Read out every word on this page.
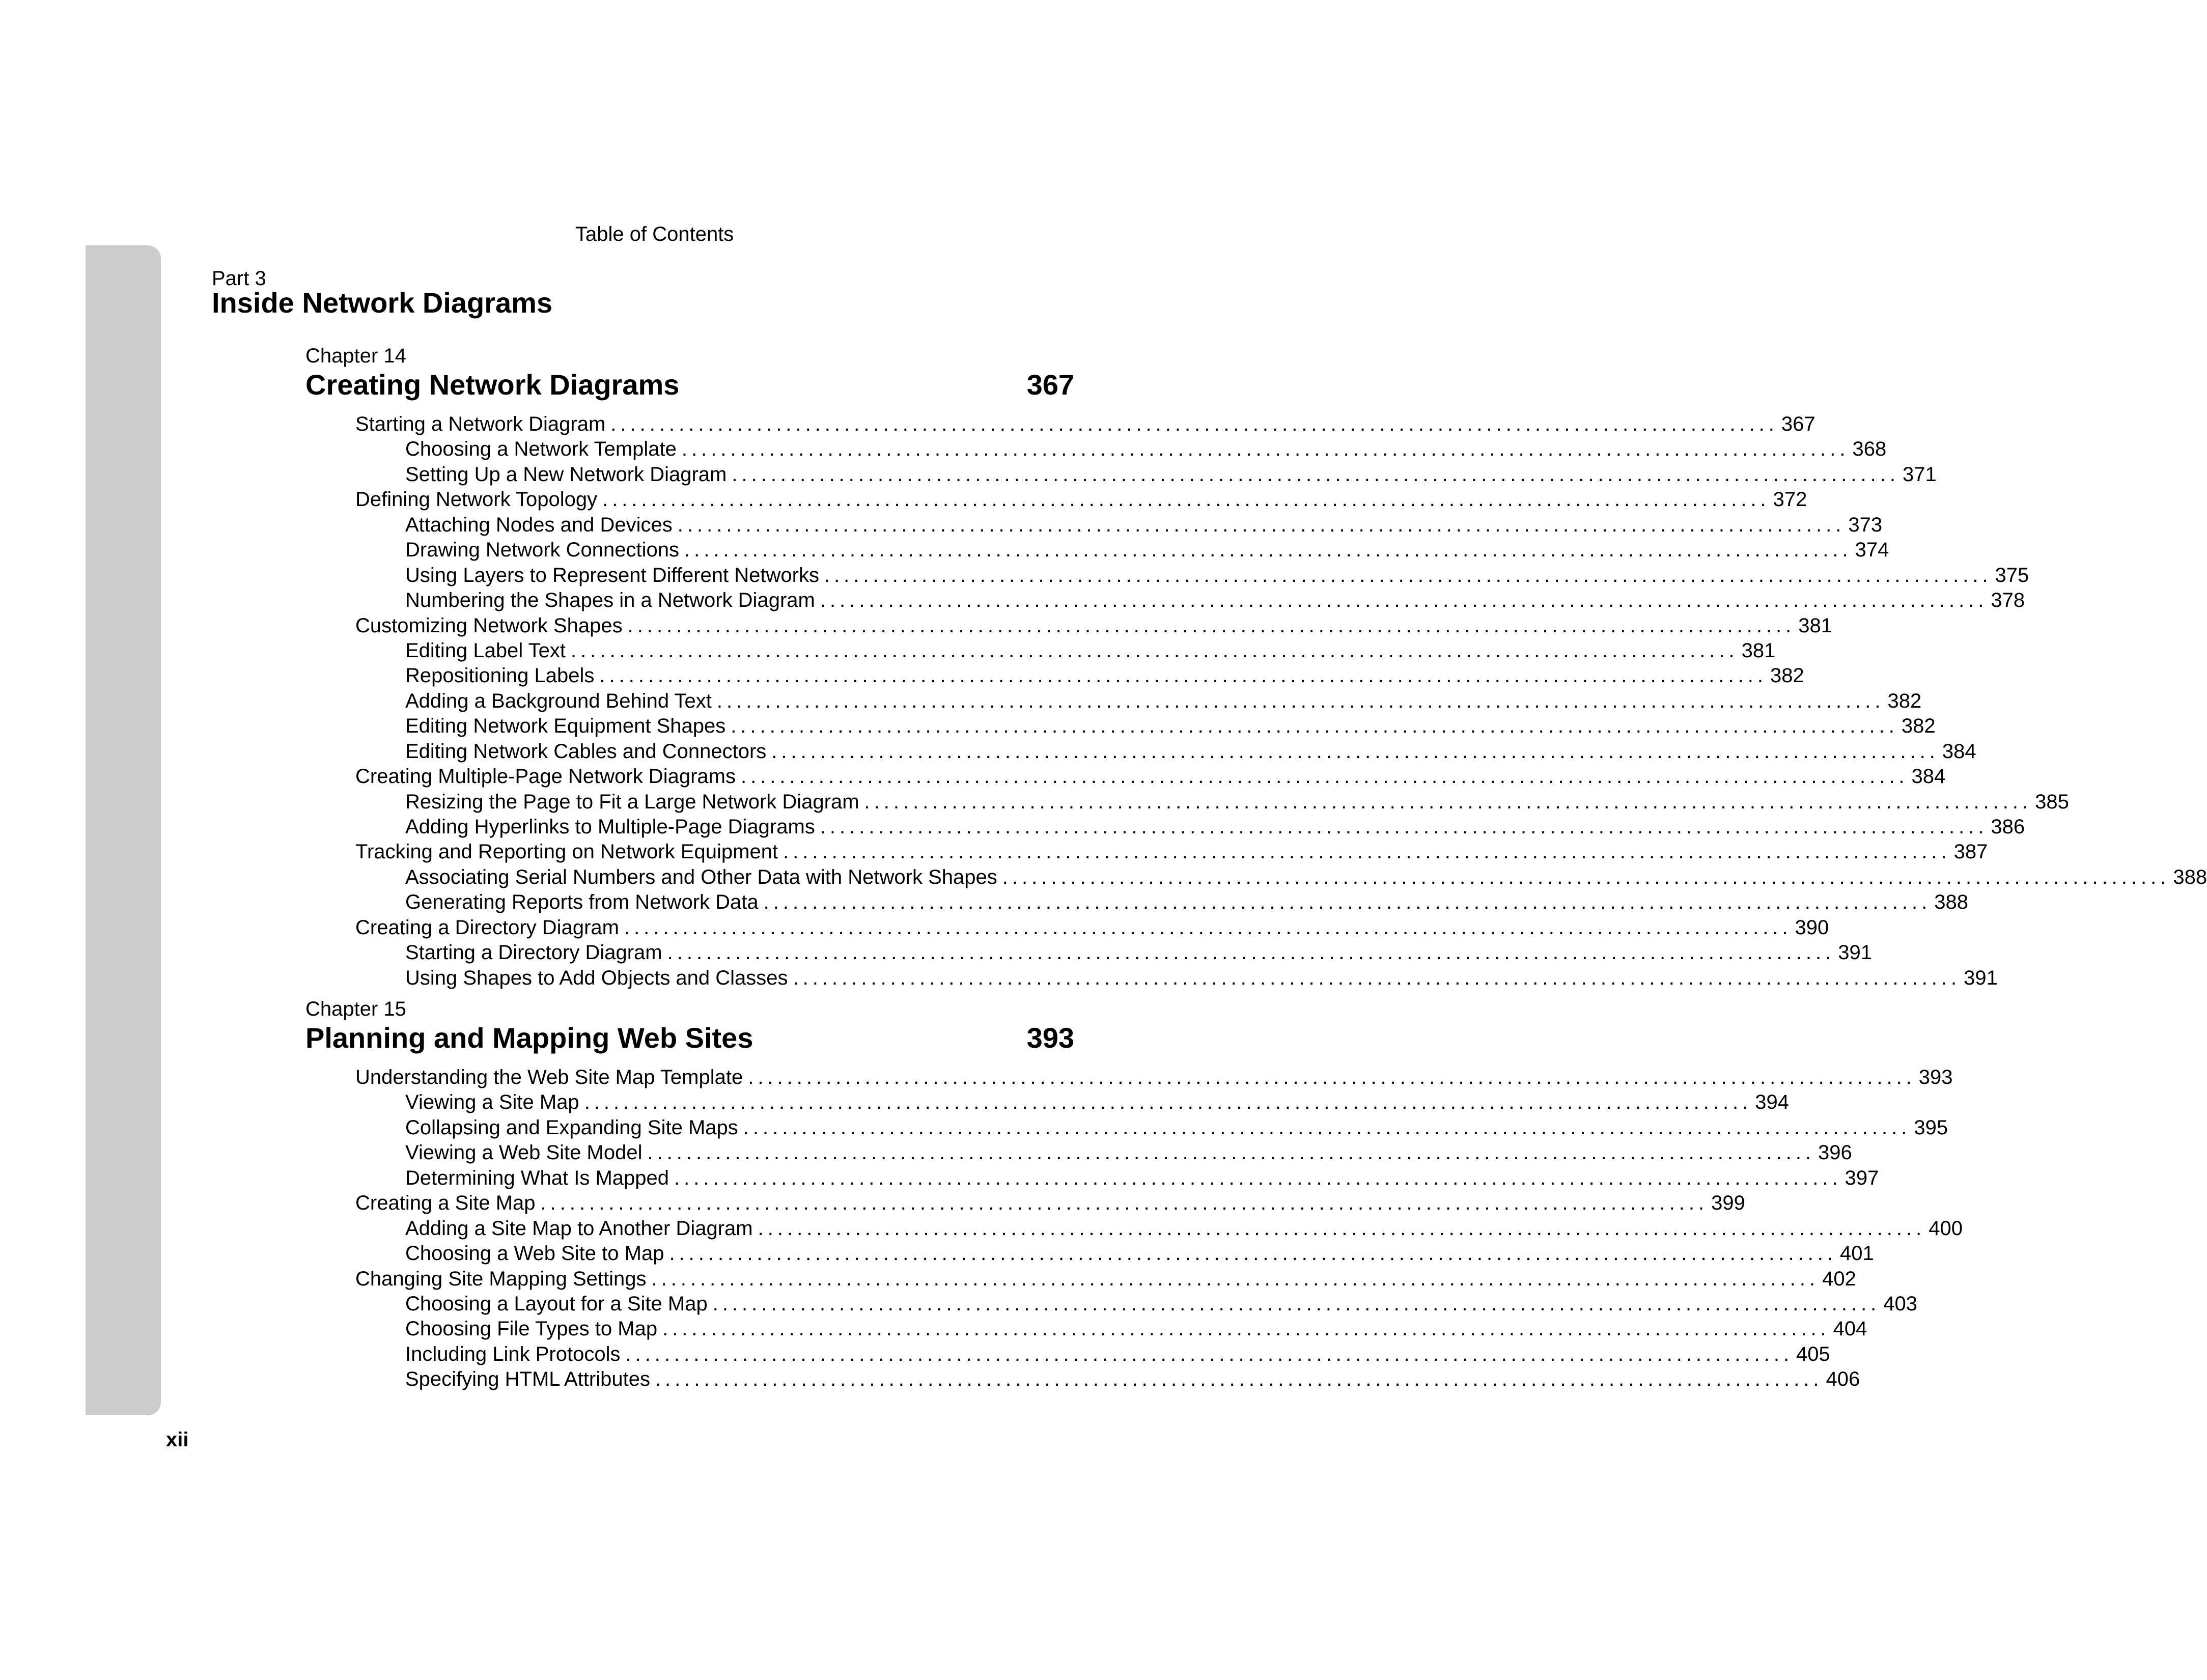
Table of Contents
Part 3
Inside Network Diagrams
Chapter 14
Creating Network Diagrams	367
Starting a Network Diagram ........................................................................................................................ 367
Choosing a Network Template ........................................................................................................................ 368
Setting Up a New Network Diagram ........................................................................................................................ 371
Defining Network Topology ........................................................................................................................ 372
Attaching Nodes and Devices ........................................................................................................................ 373
Drawing Network Connections ........................................................................................................................ 374
Using Layers to Represent Different Networks ........................................................................................................................ 375
Numbering the Shapes in a Network Diagram ........................................................................................................................ 378
Customizing Network Shapes ........................................................................................................................ 381
Editing Label Text ........................................................................................................................ 381
Repositioning Labels ........................................................................................................................ 382
Adding a Background Behind Text ........................................................................................................................ 382
Editing Network Equipment Shapes ........................................................................................................................ 382
Editing Network Cables and Connectors ........................................................................................................................ 384
Creating Multiple-Page Network Diagrams ........................................................................................................................ 384
Resizing the Page to Fit a Large Network Diagram ........................................................................................................................ 385
Adding Hyperlinks to Multiple-Page Diagrams ........................................................................................................................ 386
Tracking and Reporting on Network Equipment ........................................................................................................................ 387
Associating Serial Numbers and Other Data with Network Shapes ........................................................................................................................ 388
Generating Reports from Network Data ........................................................................................................................ 388
Creating a Directory Diagram ........................................................................................................................ 390
Starting a Directory Diagram ........................................................................................................................ 391
Using Shapes to Add Objects and Classes ........................................................................................................................ 391
Chapter 15
Planning and Mapping Web Sites	393
Understanding the Web Site Map Template ........................................................................................................................ 393
Viewing a Site Map ........................................................................................................................ 394
Collapsing and Expanding Site Maps ........................................................................................................................ 395
Viewing a Web Site Model ........................................................................................................................ 396
Determining What Is Mapped ........................................................................................................................ 397
Creating a Site Map ........................................................................................................................ 399
Adding a Site Map to Another Diagram ........................................................................................................................ 400
Choosing a Web Site to Map ........................................................................................................................ 401
Changing Site Mapping Settings ........................................................................................................................ 402
Choosing a Layout for a Site Map ........................................................................................................................ 403
Choosing File Types to Map ........................................................................................................................ 404
Including Link Protocols ........................................................................................................................ 405
Specifying HTML Attributes ........................................................................................................................ 406
xii
